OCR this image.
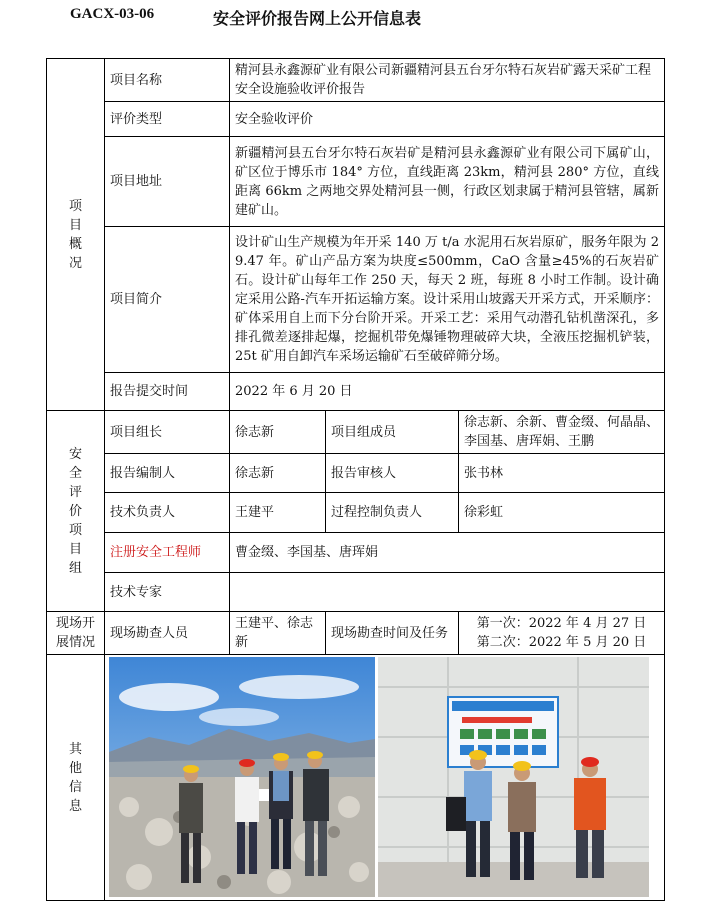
GACX-03-06	安全评价报告网上公开信息表
项目概况	项目名称	精河县永鑫源矿业有限公司新疆精河县五台牙尔特石灰岩矿露天采矿工程安全设施验收评价报告		
	评价类型	安全验收评价		
	项目地址	新疆精河县五台牙尔特石灰岩矿是精河县永鑫源矿业有限公司下属矿山，矿区位于博乐市 184° 方位，直线距离 23km，精河县 280° 方位，直线距离 66km 之两地交界处精河县一侧，行政区划隶属于精河县管辖，属新建矿山。		
	项目简介	设计矿山生产规模为年开采 140 万 t/a 水泥用石灰岩原矿，服务年限为 29.47 年。矿山产品方案为块度≤500mm，CaO 含量≥45%的石灰岩矿石。设计矿山每年工作 250 天，每天 2 班，每班 8 小时工作制。设计确定采用公路-汽车开拓运输方案。设计采用山坡露天开采方式，开采顺序：矿体采用自上而下分台阶开采。开采工艺：采用气动潜孔钻机凿深孔，多排孔微差逐排起爆，挖掘机带免爆锤物理破碎大块，全液压挖掘机铲装，25t 矿用自卸汽车采场运输矿石至破碎筛分场。		
	报告提交时间	2022 年 6 月 20 日		

安全评价项目组	项目组长	徐志新	项目组成员	徐志新、余新、曹金缀、何晶晶、李国基、唐珲娟、王鹏
	报告编制人	徐志新	报告审核人	张书林
	技术负责人	王建平	过程控制负责人	徐彩虹
	注册安全工程师	曹金缀、李国基、唐珲娟		
	技术专家			
现场开展情况	现场勘查人员	王建平、徐志新	现场勘查时间及任务	第一次：2022 年 4 月 27 日
第二次：2022 年 5 月 20 日

其他信息
